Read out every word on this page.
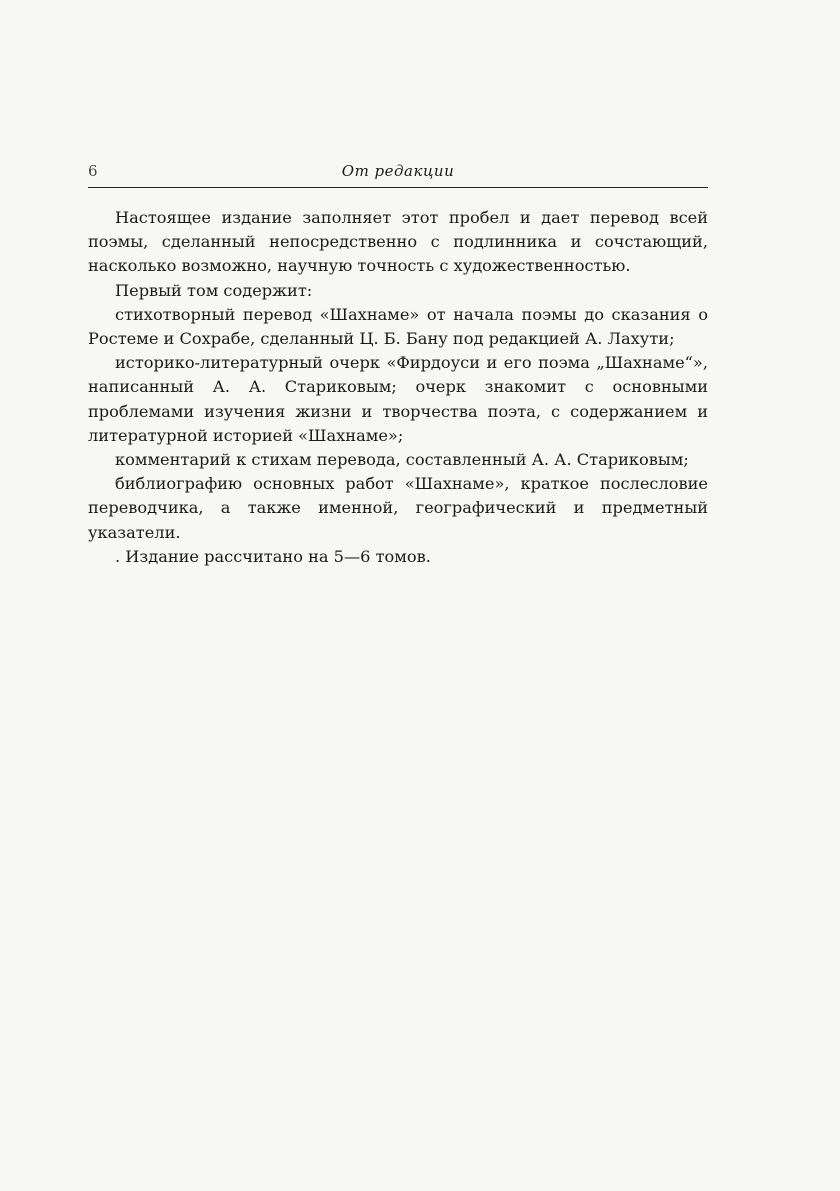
6	От редакции

Настоящее издание заполняет этот пробел и дает перевод всей поэмы, сделанный непосредственно с подлинника и сочстающий, насколько возможно, научную точность с художественностью.

Первый том содержит:

стихотворный перевод «Шахнаме» от начала поэмы до сказания о Ростеме и Сохрабе, сделанный Ц. Б. Бану под редакцией А. Лахути;

историко-литературный очерк «Фирдоуси и его поэма „Шахнаме“», написанный А. А. Стариковым; очерк знакомит с основными проблемами изучения жизни и творчества поэта, с содержанием и литературной историей «Шахнаме»;

комментарий к стихам перевода, составленный А. А. Стариковым;

библиографию основных работ «Шахнаме», краткое послесловие переводчика, а также именной, географический и предметный указатели.

. Издание рассчитано на 5—6 томов.
